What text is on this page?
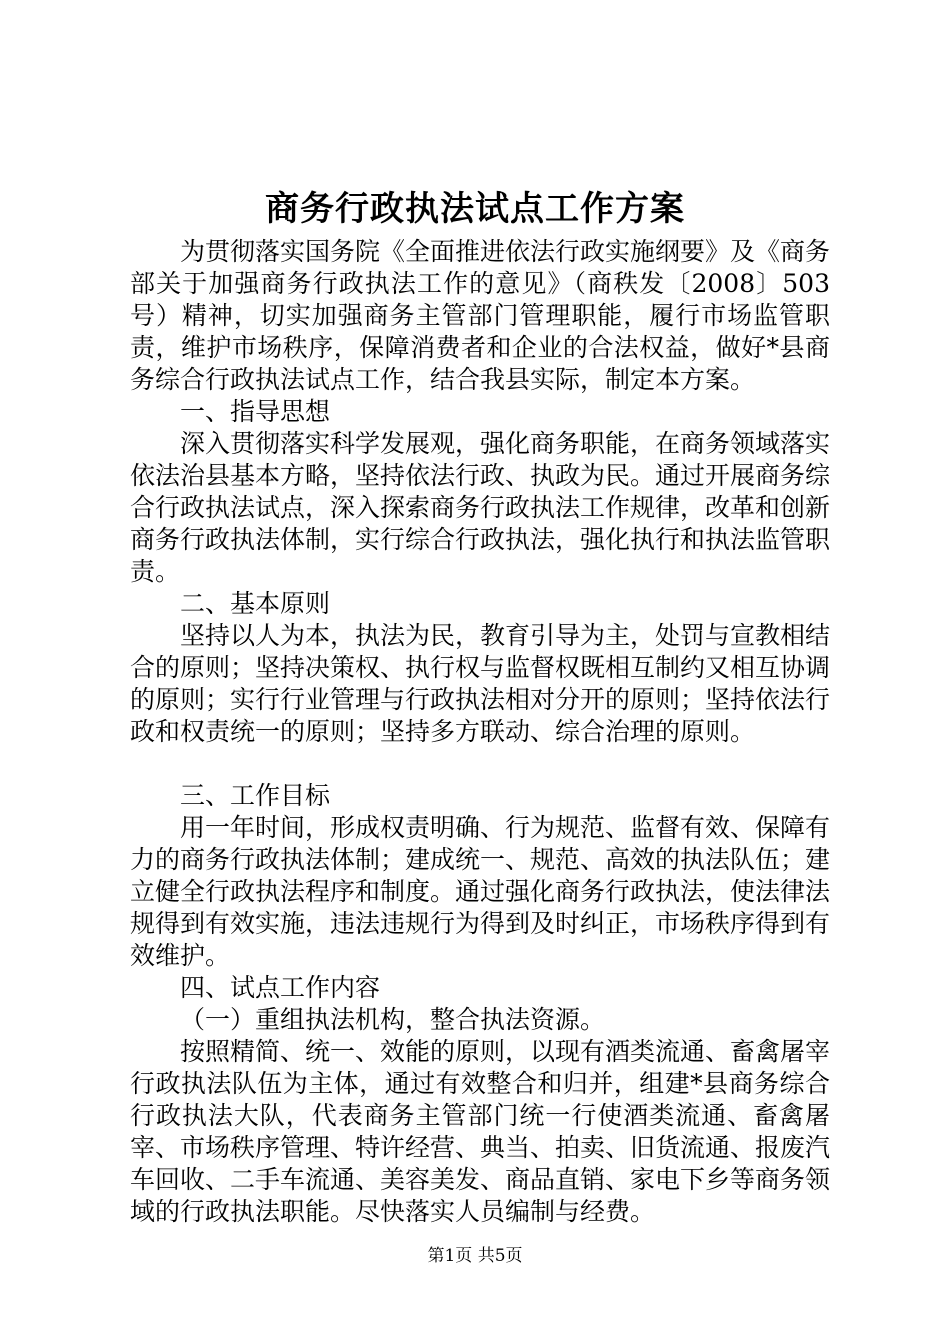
商务行政执法试点工作方案

为贯彻落实国务院《全面推进依法行政实施纲要》及《商务部关于加强商务行政执法工作的意见》（商秩发〔2008〕503号）精神，切实加强商务主管部门管理职能，履行市场监管职责，维护市场秩序，保障消费者和企业的合法权益，做好*县商务综合行政执法试点工作，结合我县实际，制定本方案。

一、指导思想

深入贯彻落实科学发展观，强化商务职能，在商务领域落实依法治县基本方略，坚持依法行政、执政为民。通过开展商务综合行政执法试点，深入探索商务行政执法工作规律，改革和创新商务行政执法体制，实行综合行政执法，强化执行和执法监管职责。

二、基本原则

坚持以人为本，执法为民，教育引导为主，处罚与宣教相结合的原则；坚持决策权、执行权与监督权既相互制约又相互协调的原则；实行行业管理与行政执法相对分开的原则；坚持依法行政和权责统一的原则；坚持多方联动、综合治理的原则。

三、工作目标

用一年时间，形成权责明确、行为规范、监督有效、保障有力的商务行政执法体制；建成统一、规范、高效的执法队伍；建立健全行政执法程序和制度。通过强化商务行政执法，使法律法规得到有效实施，违法违规行为得到及时纠正，市场秩序得到有效维护。

四、试点工作内容

（一）重组执法机构，整合执法资源。

按照精简、统一、效能的原则，以现有酒类流通、畜禽屠宰行政执法队伍为主体，通过有效整合和归并，组建*县商务综合行政执法大队，代表商务主管部门统一行使酒类流通、畜禽屠宰、市场秩序管理、特许经营、典当、拍卖、旧货流通、报废汽车回收、二手车流通、美容美发、商品直销、家电下乡等商务领域的行政执法职能。尽快落实人员编制与经费。

第1页 共5页
